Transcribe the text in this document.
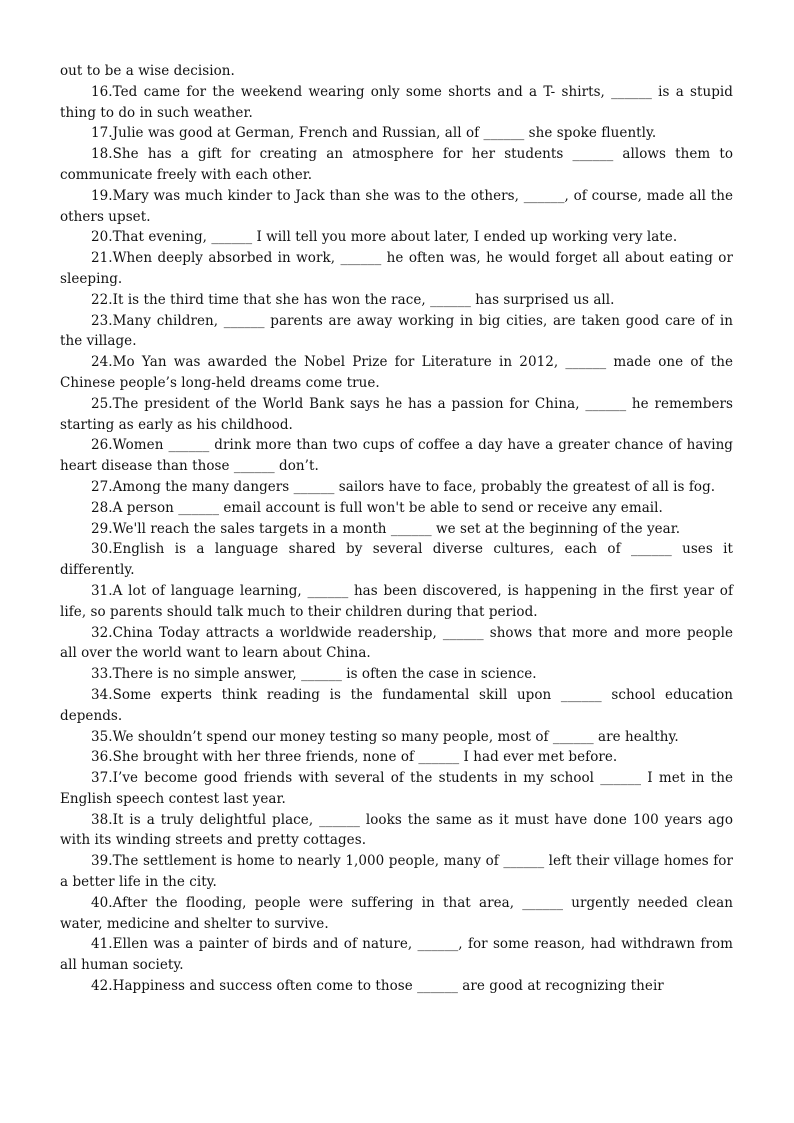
out to be a wise decision.

16.Ted came for the weekend wearing only some shorts and a T- shirts, ______ is a stupid thing to do in such weather.

17.Julie was good at German, French and Russian, all of ______ she spoke fluently.

18.She has a gift for creating an atmosphere for her students ______ allows them to communicate freely with each other.

19.Mary was much kinder to Jack than she was to the others, ______, of course, made all the others upset.

20.That evening, ______ I will tell you more about later, I ended up working very late.

21.When deeply absorbed in work, ______ he often was, he would forget all about eating or sleeping.

22.It is the third time that she has won the race, ______ has surprised us all.

23.Many children, ______ parents are away working in big cities, are taken good care of in the village.

24.Mo Yan was awarded the Nobel Prize for Literature in 2012, ______ made one of the Chinese people’s long-held dreams come true.

25.The president of the World Bank says he has a passion for China, ______ he remembers starting as early as his childhood.

26.Women ______ drink more than two cups of coffee a day have a greater chance of having heart disease than those ______ don’t.

27.Among the many dangers ______ sailors have to face, probably the greatest of all is fog.

28.A person ______ email account is full won't be able to send or receive any email.

29.We'll reach the sales targets in a month ______ we set at the beginning of the year.

30.English is a language shared by several diverse cultures, each of ______ uses it differently.

31.A lot of language learning, ______ has been discovered, is happening in the first year of life, so parents should talk much to their children during that period.

32.China Today attracts a worldwide readership, ______ shows that more and more people all over the world want to learn about China.

33.There is no simple answer, ______ is often the case in science.

34.Some experts think reading is the fundamental skill upon ______ school education depends.

35.We shouldn’t spend our money testing so many people, most of ______ are healthy.

36.She brought with her three friends, none of ______ I had ever met before.

37.I’ve become good friends with several of the students in my school ______ I met in the English speech contest last year.

38.It is a truly delightful place, ______ looks the same as it must have done 100 years ago with its winding streets and pretty cottages.

39.The settlement is home to nearly 1,000 people, many of ______ left their village homes for a better life in the city.

40.After the flooding, people were suffering in that area, ______ urgently needed clean water, medicine and shelter to survive.

41.Ellen was a painter of birds and of nature, ______, for some reason, had withdrawn from all human society.

42.Happiness and success often come to those ______ are good at recognizing their
